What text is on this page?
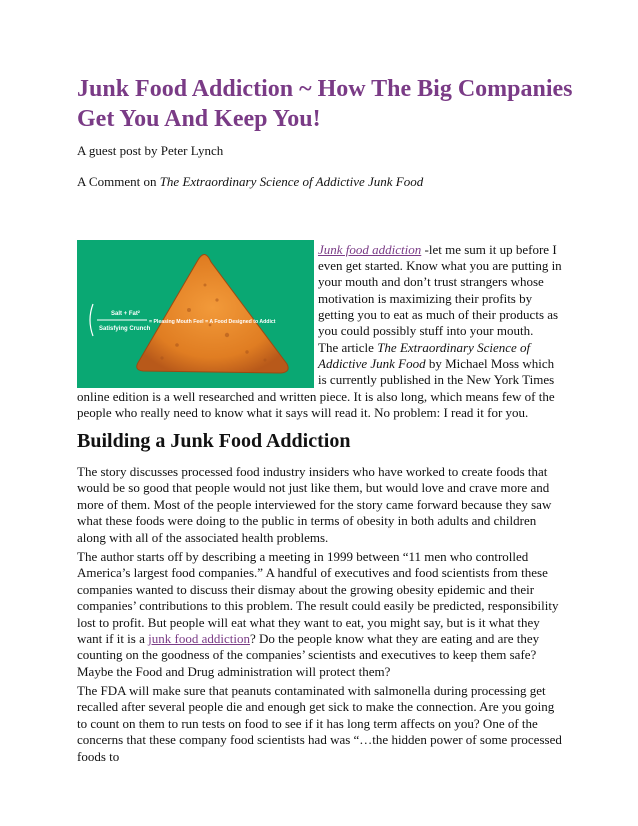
Junk Food Addiction ~ How The Big Companies Get You And Keep You!
A guest post by Peter Lynch
A Comment on The Extraordinary Science of Addictive Junk Food
Salt + Fat²
Satisfying Crunch
= Pleasing Mouth Feel = A Food Designed to Addict
Junk food addiction -let me sum it up before I even get started. Know what you are putting in your mouth and don’t trust strangers whose motivation is maximizing their profits by getting you to eat as much of their products as you could possibly stuff into your mouth.
The article The Extraordinary Science of Addictive Junk Food by Michael Moss which is currently published in the New York Times
online edition is a well researched and written piece. It is also long, which means few of the people who really need to know what it says will read it. No problem: I read it for you.
Building a Junk Food Addiction
The story discusses processed food industry insiders who have worked to create foods that would be so good that people would not just like them, but would love and crave more and more of them. Most of the people interviewed for the story came forward because they saw what these foods were doing to the public in terms of obesity in both adults and children along with all of the associated health problems.
The author starts off by describing a meeting in 1999 between “11 men who controlled America’s largest food companies.” A handful of executives and food scientists from these companies wanted to discuss their dismay about the growing obesity epidemic and their companies’ contributions to this problem. The result could easily be predicted, responsibility lost to profit. But people will eat what they want to eat, you might say, but is it what they want if it is a junk food addiction? Do the people know what they are eating and are they counting on the goodness of the companies’ scientists and executives to keep them safe? Maybe the Food and Drug administration will protect them?
The FDA will make sure that peanuts contaminated with salmonella during processing get recalled after several people die and enough get sick to make the connection. Are you going to count on them to run tests on food to see if it has long term affects on you? One of the concerns that these company food scientists had was “…the hidden power of some processed foods to
